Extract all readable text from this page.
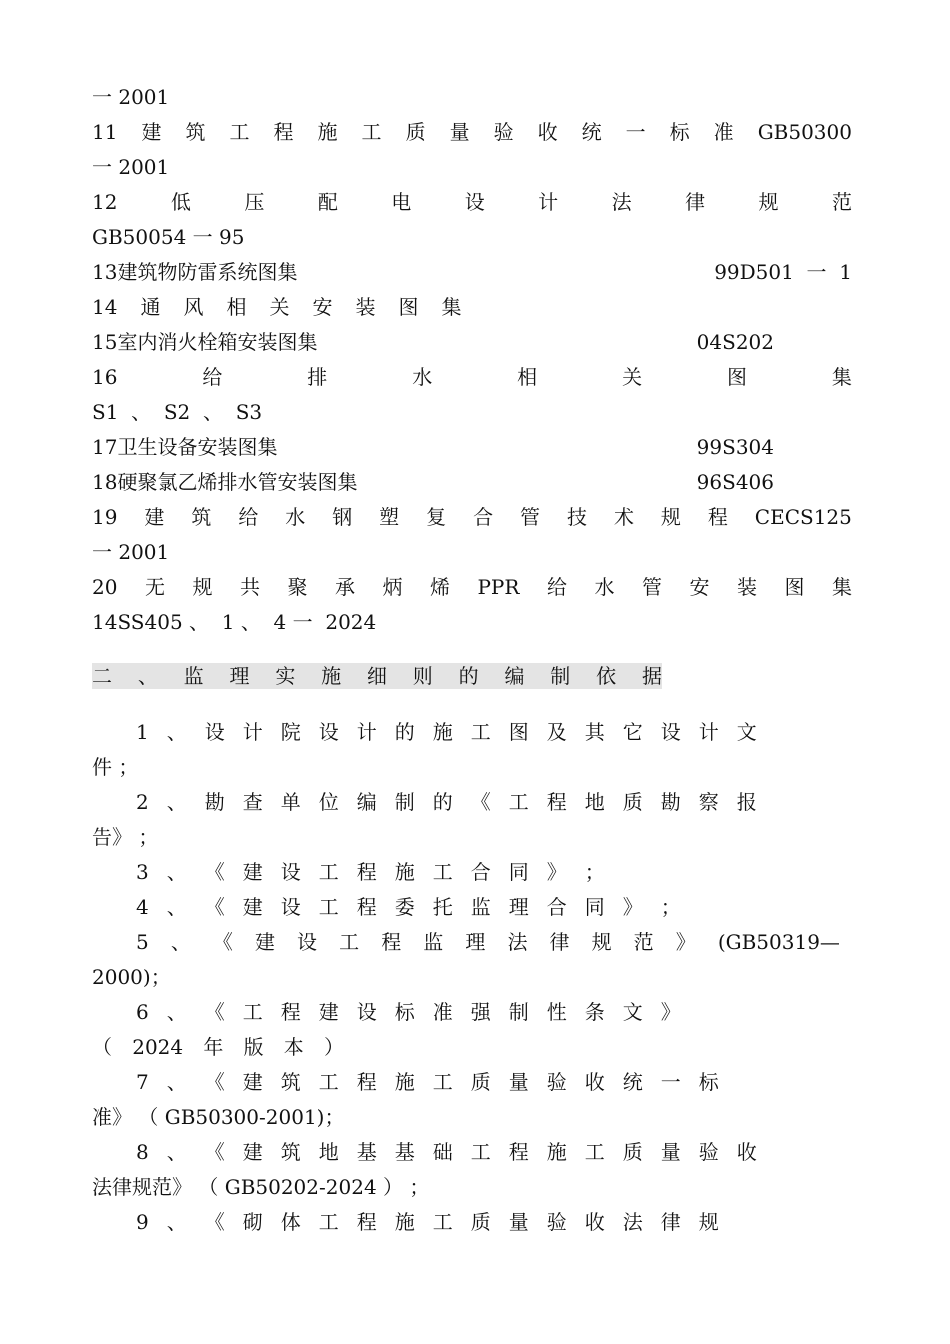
一 2001
11 建 筑 工 程 施 工 质 量 验 收 统 一 标 准 GB50300
一 2001
12	低	压	配	电	设	计	法	律	规	范
GB50054 一 95
13建筑物防雷系统图集	99D501  一  1
14 通 风 相 关 安 装 图 集
15室内消火栓箱安装图集	04S202
16	给	排	水	相	关	图	集
S1  、  S2  、  S3
17卫生设备安装图集	99S304
18硬聚氯乙烯排水管安装图集	96S406
19 建 筑 给 水 钢 塑 复 合 管 技 术 规 程 CECS125
一 2001
20 无 规 共 聚 承 炳 烯 PPR 给 水 管 安 装 图 集
14SS405 、  1 、  4 一  2024
二 、 监 理 实 施 细 则 的 编 制 依 据
1 、 设 计 院 设 计 的 施 工 图 及 其 它 设 计 文
件 ；
2 、 勘 查 单 位 编 制 的 《 工 程 地 质 勘 察 报
告》 ；
3 、 《 建 设 工 程 施 工 合 同 》 ；
4 、 《 建 设 工 程 委 托 监 理 合 同 》 ；
5 、 《 建 设 工 程 监 理 法 律 规 范 》 (GB50319—
2000)；
6 、 《 工 程 建 设 标 准 强 制 性 条 文 》
（ 2024 年 版 本 ）
7 、 《 建 筑 工 程 施 工 质 量 验 收 统 一 标
准》 （ GB50300-2001)；
8 、 《 建 筑 地 基 基 础 工 程 施 工 质 量 验 收
法律规范》 （ GB50202-2024 ） ；
9 、 《 砌 体 工 程 施 工 质 量 验 收 法 律 规
